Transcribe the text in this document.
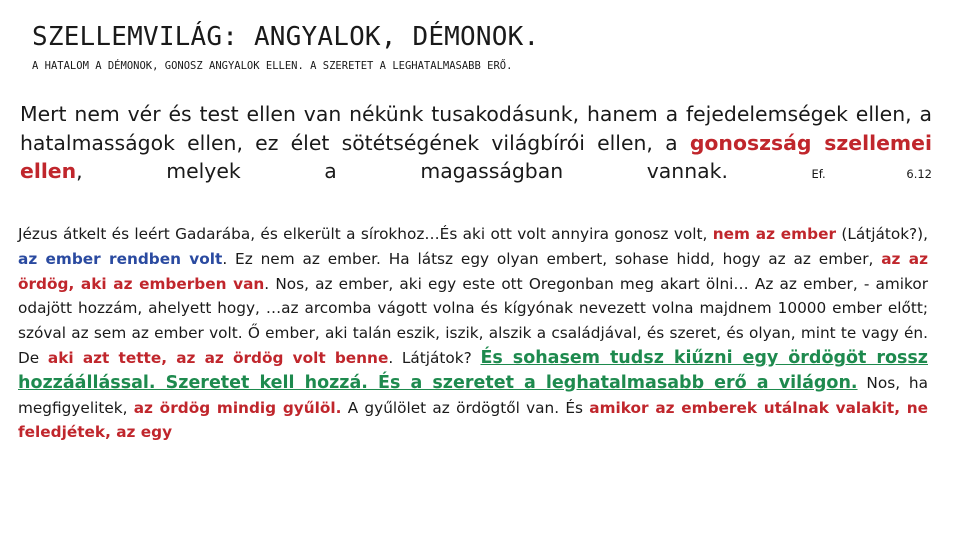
SZELLEMVILÁG: ANGYALOK, DÉMONOK.
A HATALOM A DÉMONOK, GONOSZ ANGYALOK ELLEN. A SZERETET A LEGHATALMASABB ERŐ.
Mert nem vér és test ellen van nékünk tusakodásunk, hanem a fejedelemségek ellen, a hatalmasságok ellen, ez élet sötétségének világbírói ellen, a gonoszság szellemei ellen, melyek a magasságban vannak.	Ef. 6.12
Jézus átkelt és leért Gadarába, és elkerült a sírokhoz…És aki ott volt annyira gonosz volt, nem az ember (Látjátok?), az ember rendben volt. Ez nem az ember. Ha látsz egy olyan embert, sohase hidd, hogy az az ember, az az ördög, aki az emberben van. Nos, az ember, aki egy este ott Oregonban meg akart ölni… Az az ember, - amikor odajött hozzám, ahelyett hogy, …az arcomba vágott volna és kígyónak nevezett volna majdnem 10000 ember előtt; szóval az sem az ember volt. Ő ember, aki talán eszik, iszik, alszik a családjával, és szeret, és olyan, mint te vagy én. De aki azt tette, az az ördög volt benne. Látjátok? És sohasem tudsz kiűzni egy ördögöt rossz hozzáállással. Szeretet kell hozzá. És a szeretet a leghatalmasabb erő a világon. Nos, ha megfigyelitek, az ördög mindig gyűlöl. A gyűlölet az ördögtől van. És amikor az emberek utálnak valakit, ne feledjétek, az egy
